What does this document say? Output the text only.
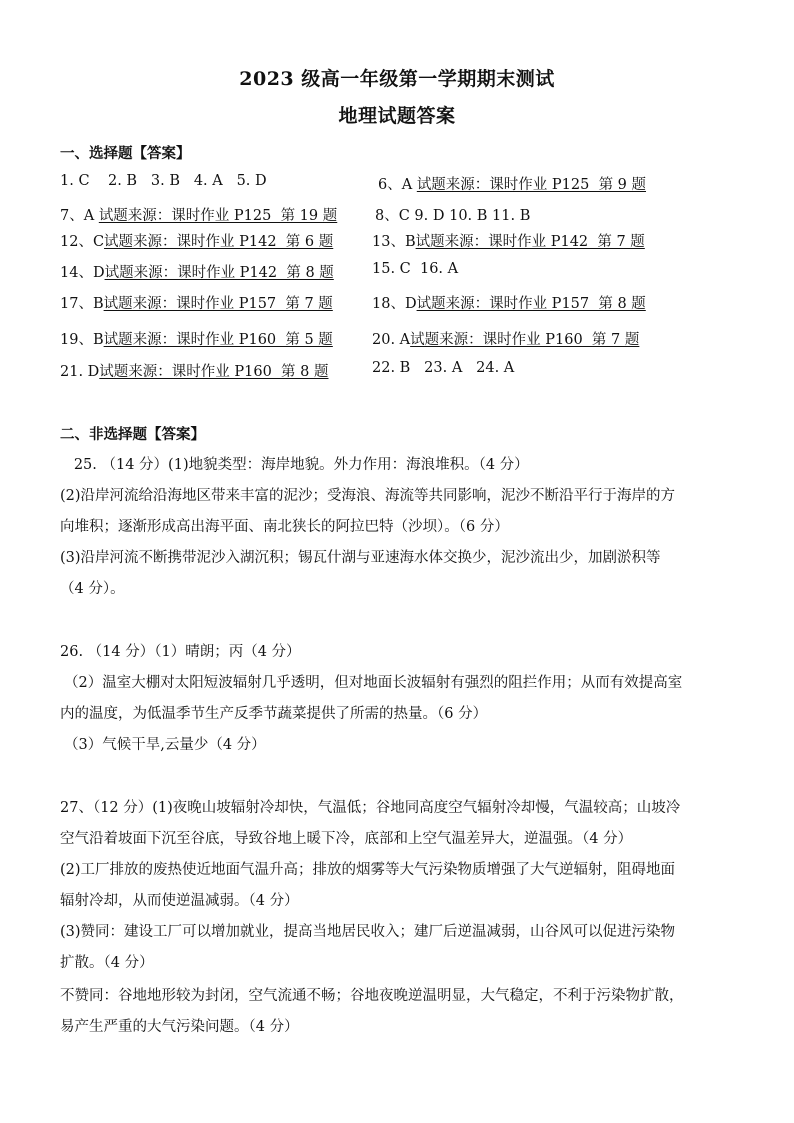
2023 级高一年级第一学期期末测试
地理试题答案
一、选择题【答案】
1. C    2. B   3. B   4. A   5. D	6、A 试题来源：课时作业 P125  第 9 题
7、A 试题来源：课时作业 P125  第 19 题	8、C 9. D 10. B 11. B
12、C试题来源：课时作业 P142  第 6 题	13、B试题来源：课时作业 P142  第 7 题
14、D试题来源：课时作业 P142  第 8 题	15. C  16. A
17、B试题来源：课时作业 P157  第 7 题	18、D试题来源：课时作业 P157  第 8 题
19、B试题来源：课时作业 P160  第 5 题	20. A试题来源：课时作业 P160  第 7 题
21. D试题来源：课时作业 P160  第 8 题	22. B   23. A   24. A
二、非选择题【答案】
25. （14 分）(1)地貌类型：海岸地貌。外力作用：海浪堆积。（4 分）
(2)沿岸河流给沿海地区带来丰富的泥沙；受海浪、海流等共同影响，泥沙不断沿平行于海岸的方
向堆积；逐渐形成高出海平面、南北狭长的阿拉巴特（沙坝）。（6 分）
(3)沿岸河流不断携带泥沙入湖沉积；锡瓦什湖与亚速海水体交换少，泥沙流出少，加剧淤积等
（4 分）。
26. （14 分）（1）晴朗；丙（4 分）
（2）温室大棚对太阳短波辐射几乎透明，但对地面长波辐射有强烈的阻拦作用；从而有效提高室
内的温度，为低温季节生产反季节蔬菜提供了所需的热量。（6 分）
（3）气候干旱,云量少（4 分）
27、（12 分）(1)夜晚山坡辐射冷却快，气温低；谷地同高度空气辐射冷却慢，气温较高；山坡冷
空气沿着坡面下沉至谷底，导致谷地上暖下冷，底部和上空气温差异大，逆温强。（4 分）
(2)工厂排放的废热使近地面气温升高；排放的烟雾等大气污染物质增强了大气逆辐射，阻碍地面
辐射冷却，从而使逆温减弱。（4 分）
(3)赞同：建设工厂可以增加就业，提高当地居民收入；建厂后逆温减弱，山谷风可以促进污染物
扩散。（4 分）
不赞同：谷地地形较为封闭，空气流通不畅；谷地夜晚逆温明显，大气稳定，不利于污染物扩散，
易产生严重的大气污染问题。（4 分）
